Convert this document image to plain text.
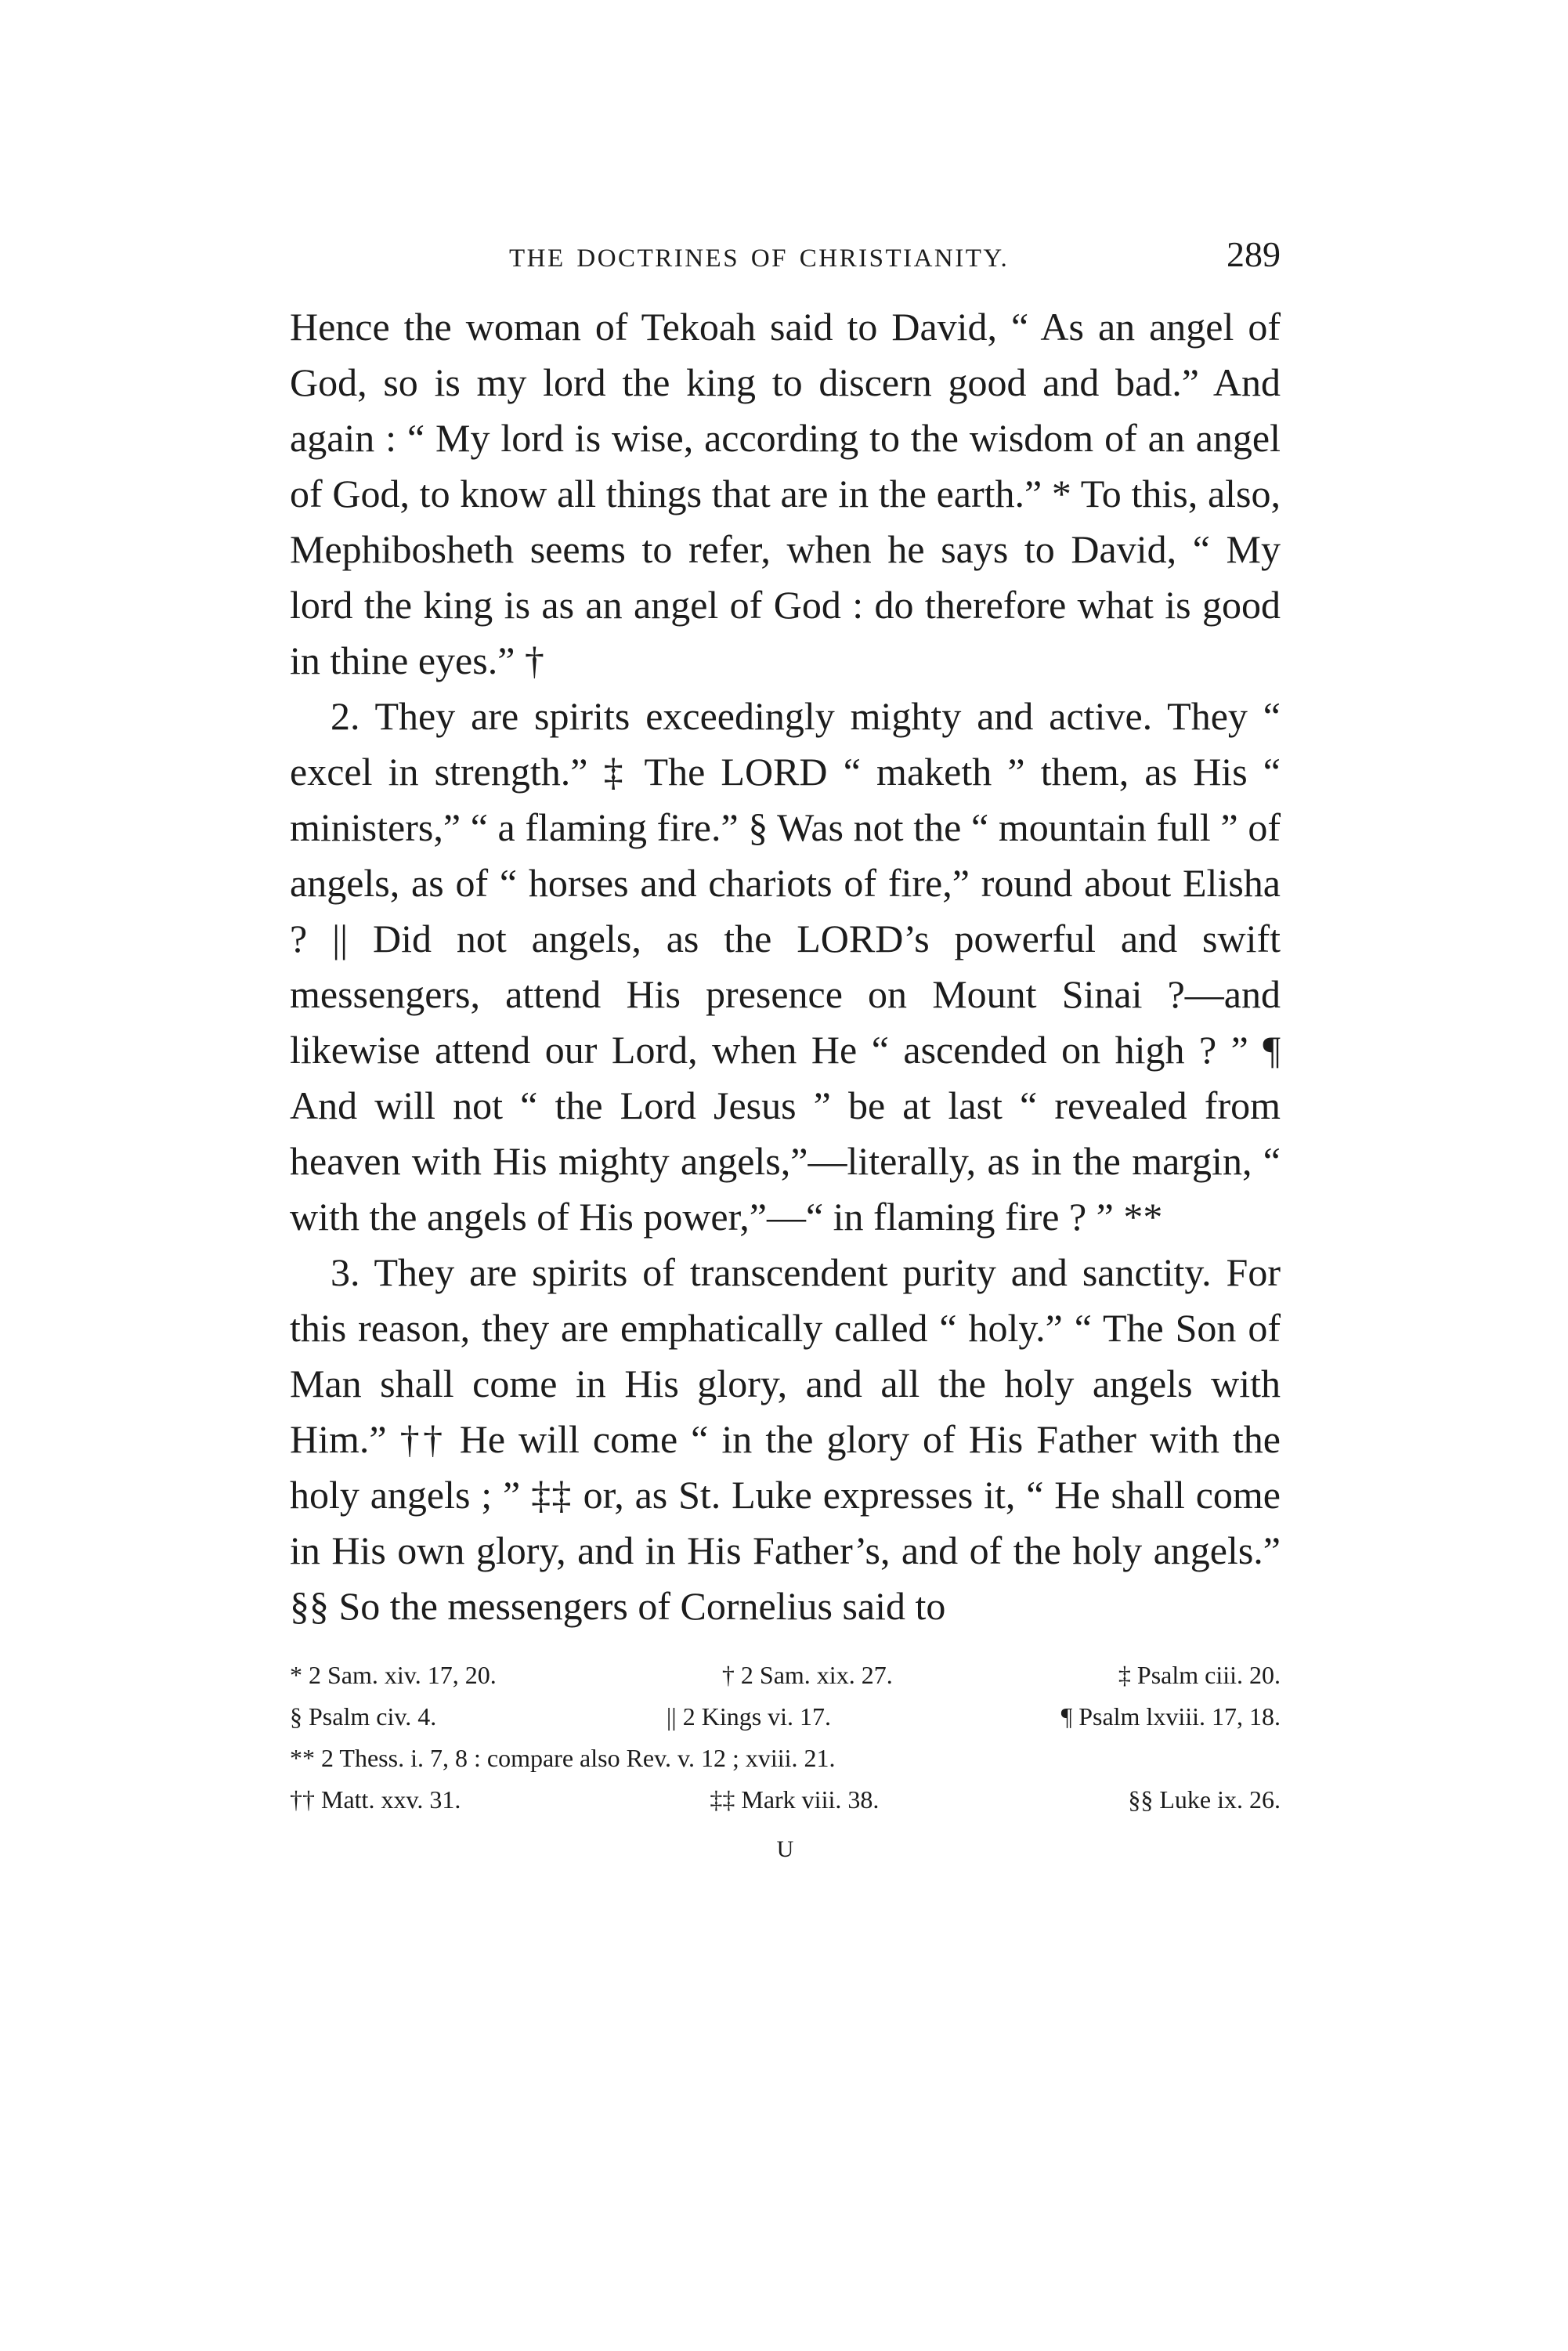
THE DOCTRINES OF CHRISTIANITY.	289

Hence the woman of Tekoah said to David, “ As an angel of God, so is my lord the king to discern good and bad.” And again : “ My lord is wise, according to the wisdom of an angel of God, to know all things that are in the earth.” * To this, also, Mephibosheth seems to refer, when he says to David, “ My lord the king is as an angel of God : do therefore what is good in thine eyes.” †

2. They are spirits exceedingly mighty and active. They “ excel in strength.” ‡ The LORD “ maketh ” them, as His “ ministers,” “ a flaming fire.” § Was not the “ mountain full ” of angels, as of “ horses and chariots of fire,” round about Elisha ? || Did not angels, as the LORD’s powerful and swift messengers, attend His presence on Mount Sinai ?—and likewise attend our Lord, when He “ ascended on high ? ” ¶ And will not “ the Lord Jesus ” be at last “ revealed from heaven with His mighty angels,”—literally, as in the margin, “ with the angels of His power,”—“ in flaming fire ? ” **

3. They are spirits of transcendent purity and sanctity. For this reason, they are emphatically called “ holy.” “ The Son of Man shall come in His glory, and all the holy angels with Him.” †† He will come “ in the glory of His Father with the holy angels ; ” ‡‡ or, as St. Luke expresses it, “ He shall come in His own glory, and in His Father’s, and of the holy angels.” §§ So the messengers of Cornelius said to

* 2 Sam. xiv. 17, 20.	† 2 Sam. xix. 27.	‡ Psalm ciii. 20.
§ Psalm civ. 4.	|| 2 Kings vi. 17.	¶ Psalm lxviii. 17, 18.
** 2 Thess. i. 7, 8 : compare also Rev. v. 12 ; xviii. 21.
†† Matt. xxv. 31.	‡‡ Mark viii. 38.	§§ Luke ix. 26.
U
